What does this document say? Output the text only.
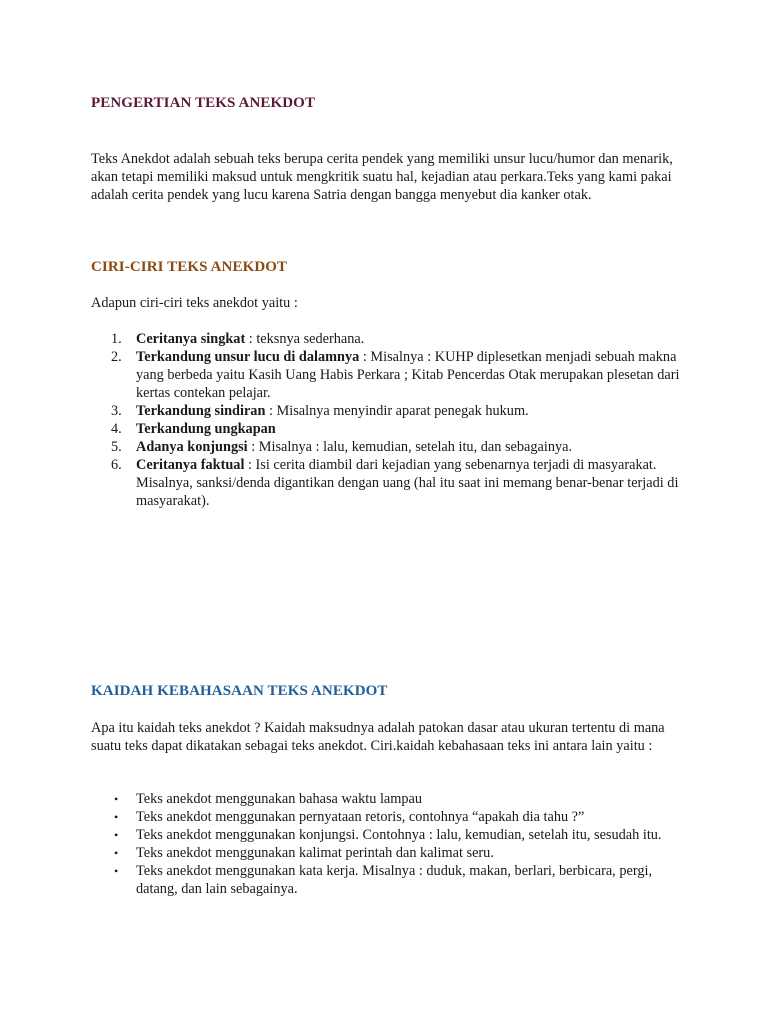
PENGERTIAN TEKS ANEKDOT

Teks Anekdot adalah sebuah teks berupa cerita pendek yang memiliki unsur lucu/humor dan menarik, akan tetapi memiliki maksud untuk mengkritik suatu hal, kejadian atau perkara.Teks yang kami pakai adalah cerita pendek yang lucu karena Satria dengan bangga menyebut dia kanker otak.

CIRI-CIRI TEKS ANEKDOT

Adapun ciri-ciri teks anekdot yaitu :

1. Ceritanya singkat : teksnya sederhana.
2. Terkandung unsur lucu di dalamnya : Misalnya : KUHP diplesetkan menjadi sebuah makna yang berbeda yaitu Kasih Uang Habis Perkara ; Kitab Pencerdas Otak merupakan plesetan dari kertas contekan pelajar.
3. Terkandung sindiran : Misalnya menyindir aparat penegak hukum.
4. Terkandung ungkapan
5. Adanya konjungsi : Misalnya : lalu, kemudian, setelah itu, dan sebagainya.
6. Ceritanya faktual : Isi cerita diambil dari kejadian yang sebenarnya terjadi di masyarakat. Misalnya, sanksi/denda digantikan dengan uang (hal itu saat ini memang benar-benar terjadi di masyarakat).
KAIDAH KEBAHASAAN TEKS ANEKDOT

Apa itu kaidah teks anekdot ? Kaidah maksudnya adalah patokan dasar atau ukuran tertentu di mana suatu teks dapat dikatakan sebagai teks anekdot. Ciri.kaidah kebahasaan teks ini antara lain yaitu :

• Teks anekdot menggunakan bahasa waktu lampau
• Teks anekdot menggunakan pernyataan retoris, contohnya “apakah dia tahu ?”
• Teks anekdot menggunakan konjungsi. Contohnya : lalu, kemudian, setelah itu, sesudah itu.
• Teks anekdot menggunakan kalimat perintah dan kalimat seru.
• Teks anekdot menggunakan kata kerja. Misalnya : duduk, makan, berlari, berbicara, pergi, datang, dan lain sebagainya.
